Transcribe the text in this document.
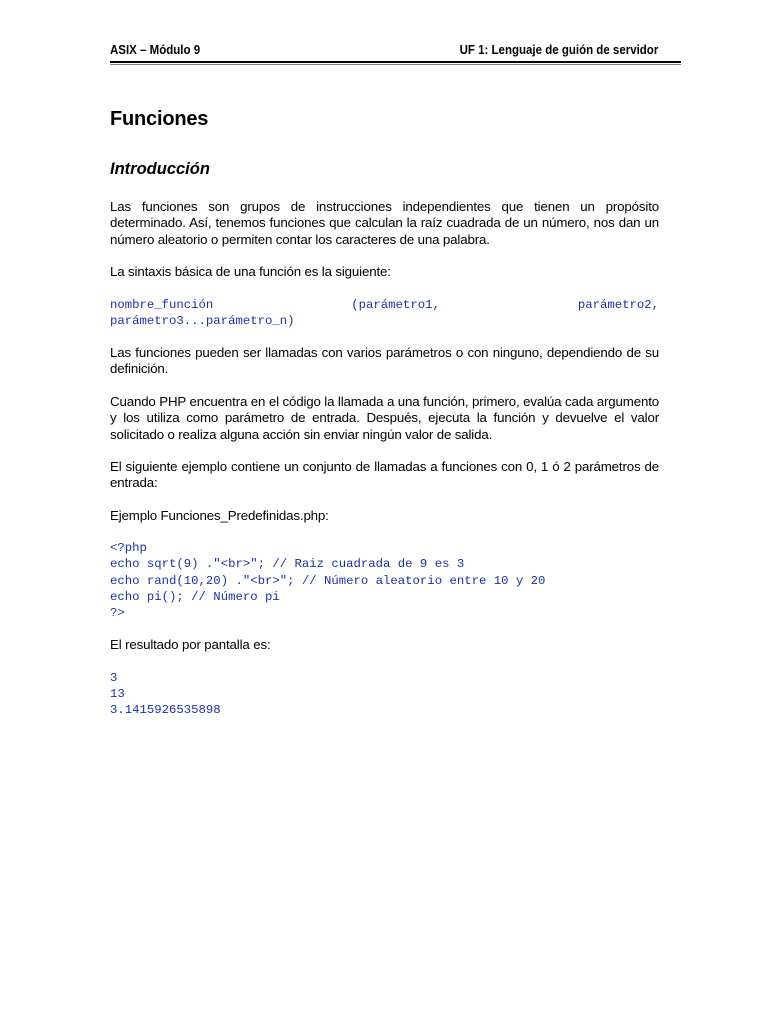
ASIX – Módulo 9	UF 1: Lenguaje de guión de servidor
Funciones
Introducción

Las funciones son grupos de instrucciones independientes que tienen un propósito determinado. Así, tenemos funciones que calculan la raíz cuadrada de un número, nos dan un número aleatorio o permiten contar los caracteres de una palabra.

La sintaxis básica de una función es la siguiente:

nombre_función	(parámetro1,	parámetro2,
parámetro3...parámetro_n)

Las funciones pueden ser llamadas con varios parámetros o con ninguno, dependiendo de su definición.

Cuando PHP encuentra en el código la llamada a una función, primero, evalúa cada argumento y los utiliza como parámetro de entrada. Después, ejecuta la función y devuelve el valor solicitado o realiza alguna acción sin enviar ningún valor de salida.

El siguiente ejemplo contiene un conjunto de llamadas a funciones con 0, 1 ó 2 parámetros de entrada:

Ejemplo Funciones_Predefinidas.php:

<?php
echo sqrt(9) ."<br>"; // Raiz cuadrada de 9 es 3
echo rand(10,20) ."<br>"; // Número aleatorio entre 10 y 20
echo pi(); // Número pi
?>

El resultado por pantalla es:

3
13
3.1415926535898
